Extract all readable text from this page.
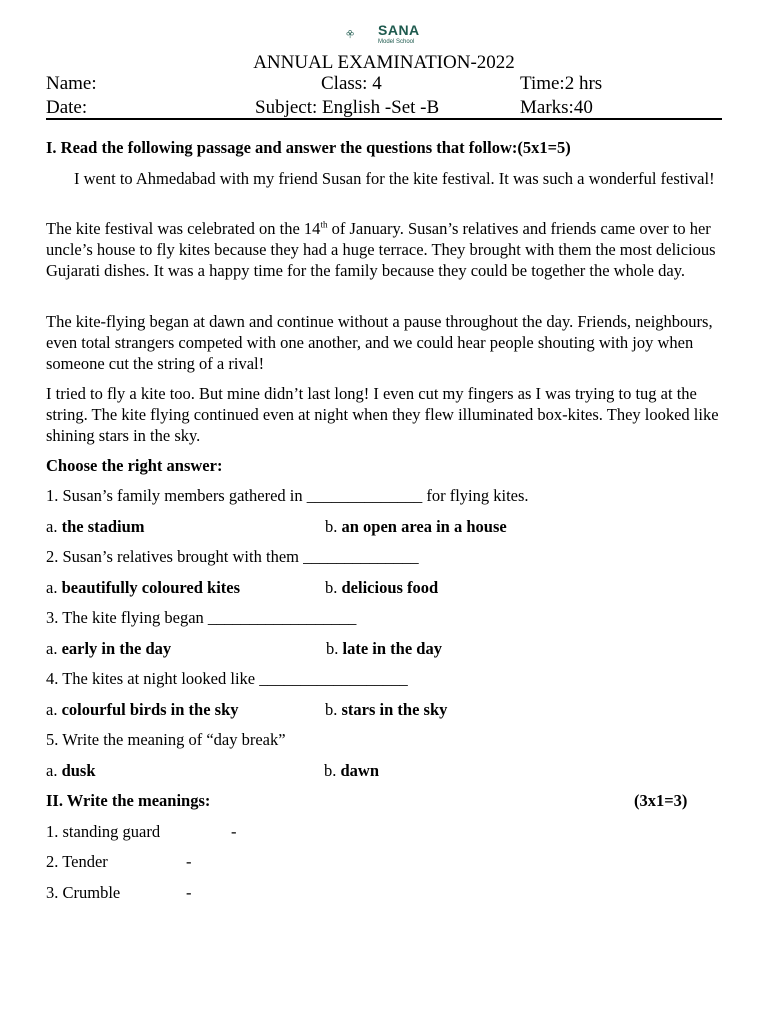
SANA
Model School
ANNUAL EXAMINATION-2022
Name:	Class: 4	Time:2 hrs
Date:	Subject: English -Set -B	Marks:40
I. Read the following passage and answer the questions that follow:(5x1=5)
I went to Ahmedabad with my friend Susan for the kite festival. It was such a wonderful festival!
The kite festival was celebrated on the 14th of January. Susan’s relatives and friends came over to her uncle’s house to fly kites because they had a huge terrace. They brought with them the most delicious Gujarati dishes. It was a happy time for the family because they could be together the whole day.
The kite-flying began at dawn and continue without a pause throughout the day. Friends, neighbours, even total strangers competed with one another, and we could hear people shouting with joy when someone cut the string of a rival!
I tried to fly a kite too. But mine didn’t last long! I even cut my fingers as I was trying to tug at the string. The kite flying continued even at night when they flew illuminated box-kites. They looked like shining stars in the sky.
Choose the right answer:
1. Susan’s family members gathered in ______________ for flying kites.
a. the stadium	b. an open area in a house
2. Susan’s relatives brought with them ______________
a. beautifully coloured kites	b. delicious food
3. The kite flying began __________________
a. early in the day	b. late in the day
4. The kites at night looked like __________________
a. colourful birds in the sky	b. stars in the sky
5. Write the meaning of “day break”
a. dusk	b. dawn
II. Write the meanings:	(3x1=3)
1. standing guard	-
2. Tender	-
3. Crumble	-
